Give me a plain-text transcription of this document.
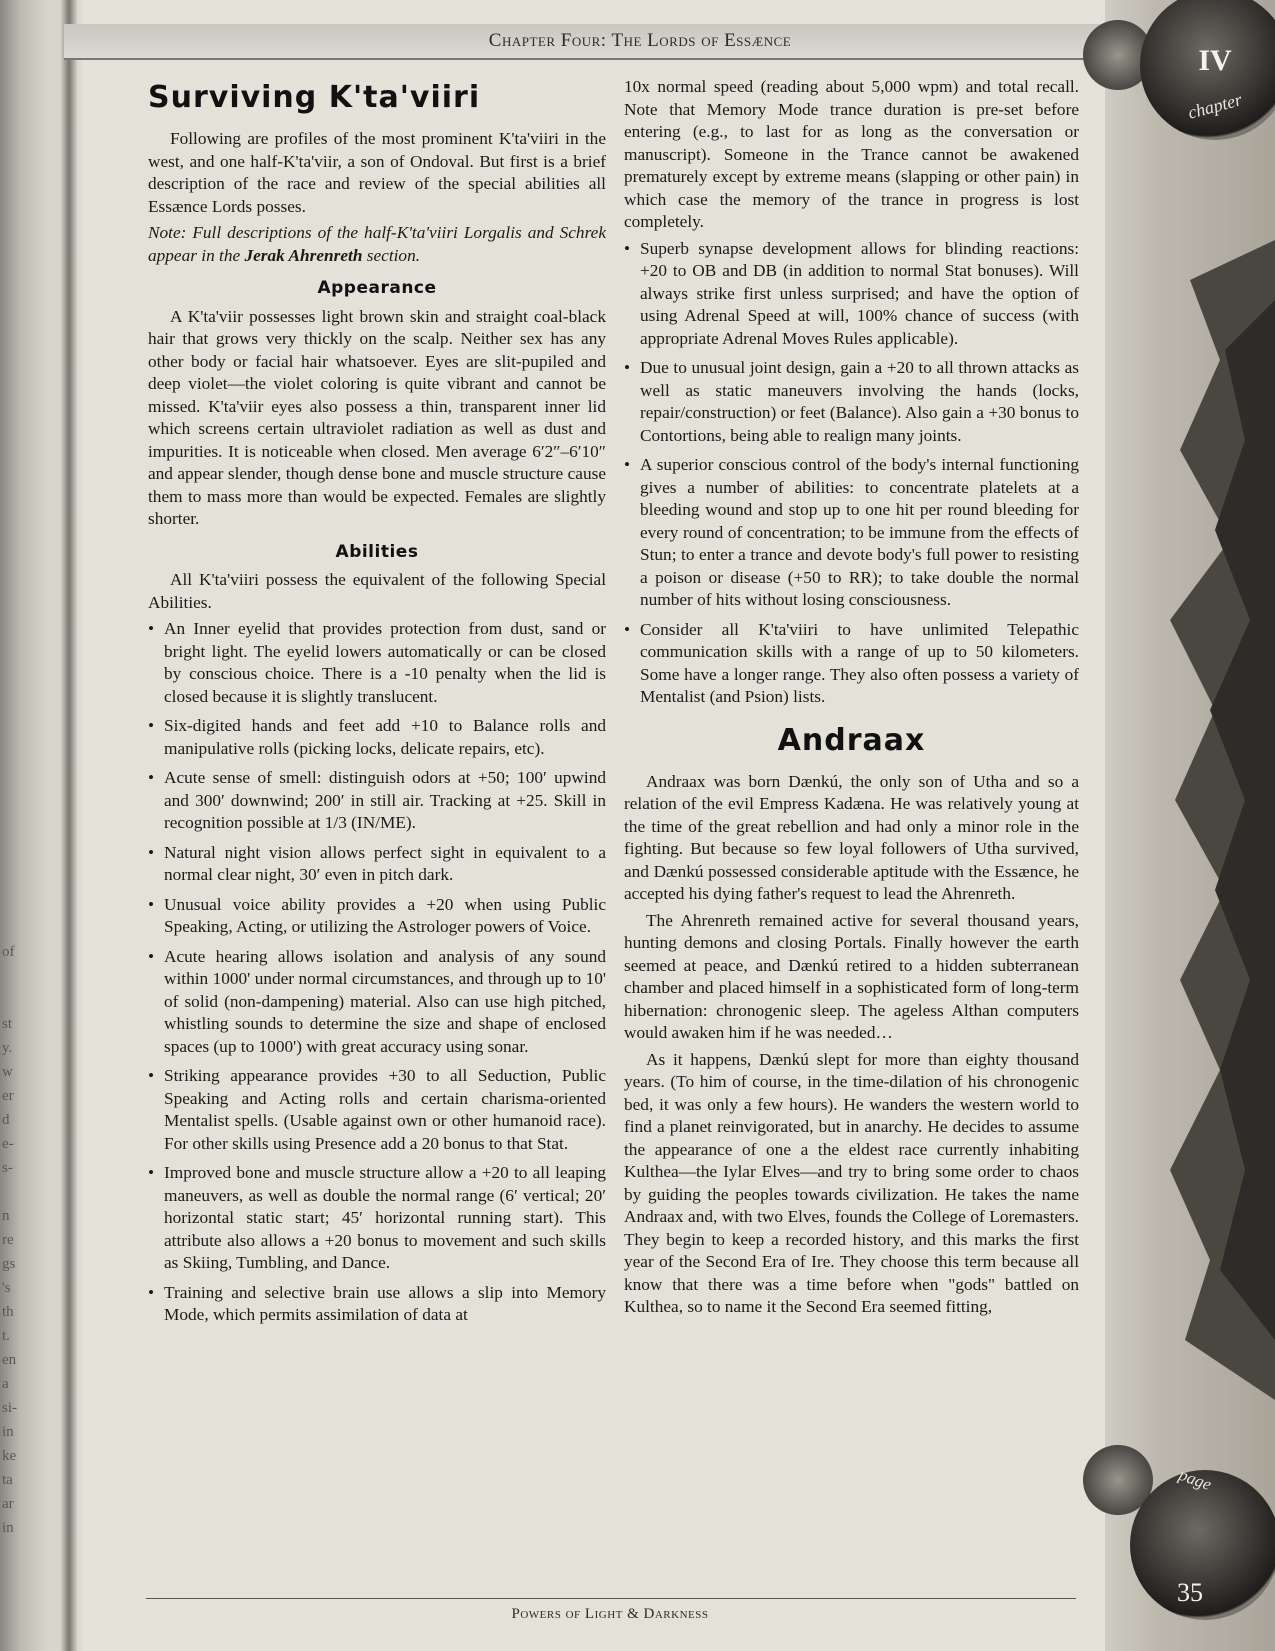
of
st
y.
w
er
d
e-
s-
n
re
gs
's
th
t.
en
a
si-
in
ke
ta
ar
in
Chapter Four: The Lords of Essænce
IV
chapter
page
35
Surviving K'ta'viiri

Following are profiles of the most prominent K'ta'viiri in the west, and one half-K'ta'viir, a son of Ondoval. But first is a brief description of the race and review of the special abilities all Essænce Lords posses.

Note: Full descriptions of the half-K'ta'viiri Lorgalis and Schrek appear in the Jerak Ahrenreth section.

Appearance

A K'ta'viir possesses light brown skin and straight coal-black hair that grows very thickly on the scalp. Neither sex has any other body or facial hair whatsoever. Eyes are slit-pupiled and deep violet—the violet coloring is quite vibrant and cannot be missed. K'ta'viir eyes also possess a thin, transparent inner lid which screens certain ultraviolet radiation as well as dust and impurities. It is noticeable when closed. Men average 6′2″–6′10″ and appear slender, though dense bone and muscle structure cause them to mass more than would be expected. Females are slightly shorter.

Abilities

All K'ta'viiri possess the equivalent of the following Special Abilities.

• An Inner eyelid that provides protection from dust, sand or bright light. The eyelid lowers automatically or can be closed by conscious choice. There is a -10 penalty when the lid is closed because it is slightly translucent.
• Six-digited hands and feet add +10 to Balance rolls and manipulative rolls (picking locks, delicate repairs, etc).
• Acute sense of smell: distinguish odors at +50; 100′ upwind and 300′ downwind; 200′ in still air. Tracking at +25. Skill in recognition possible at 1/3 (IN/ME).
• Natural night vision allows perfect sight in equivalent to a normal clear night, 30′ even in pitch dark.
• Unusual voice ability provides a +20 when using Public Speaking, Acting, or utilizing the Astrologer powers of Voice.
• Acute hearing allows isolation and analysis of any sound within 1000' under normal circumstances, and through up to 10' of solid (non-dampening) material. Also can use high pitched, whistling sounds to determine the size and shape of enclosed spaces (up to 1000') with great accuracy using sonar.
• Striking appearance provides +30 to all Seduction, Public Speaking and Acting rolls and certain charisma-oriented Mentalist spells. (Usable against own or other humanoid race). For other skills using Presence add a 20 bonus to that Stat.
• Improved bone and muscle structure allow a +20 to all leaping maneuvers, as well as double the normal range (6′ vertical; 20′ horizontal static start; 45′ horizontal running start). This attribute also allows a +20 bonus to movement and such skills as Skiing, Tumbling, and Dance.
• Training and selective brain use allows a slip into Memory Mode, which permits assimilation of data at

10x normal speed (reading about 5,000 wpm) and total recall. Note that Memory Mode trance duration is pre-set before entering (e.g., to last for as long as the conversation or manuscript). Someone in the Trance cannot be awakened prematurely except by extreme means (slapping or other pain) in which case the memory of the trance in progress is lost completely.

• Superb synapse development allows for blinding reactions: +20 to OB and DB (in addition to normal Stat bonuses). Will always strike first unless surprised; and have the option of using Adrenal Speed at will, 100% chance of success (with appropriate Adrenal Moves Rules applicable).
• Due to unusual joint design, gain a +20 to all thrown attacks as well as static maneuvers involving the hands (locks, repair/construction) or feet (Balance). Also gain a +30 bonus to Contortions, being able to realign many joints.
• A superior conscious control of the body's internal functioning gives a number of abilities: to concentrate platelets at a bleeding wound and stop up to one hit per round bleeding for every round of concentration; to be immune from the effects of Stun; to enter a trance and devote body's full power to resisting a poison or disease (+50 to RR); to take double the normal number of hits without losing consciousness.
• Consider all K'ta'viiri to have unlimited Telepathic communication skills with a range of up to 50 kilometers. Some have a longer range. They also often possess a variety of Mentalist (and Psion) lists.
Andraax

Andraax was born Dænkú, the only son of Utha and so a relation of the evil Empress Kadæna. He was relatively young at the time of the great rebellion and had only a minor role in the fighting. But because so few loyal followers of Utha survived, and Dænkú possessed considerable aptitude with the Essænce, he accepted his dying father's request to lead the Ahrenreth.

The Ahrenreth remained active for several thousand years, hunting demons and closing Portals. Finally however the earth seemed at peace, and Dænkú retired to a hidden subterranean chamber and placed himself in a sophisticated form of long-term hibernation: chronogenic sleep. The ageless Althan computers would awaken him if he was needed…

As it happens, Dænkú slept for more than eighty thousand years. (To him of course, in the time-dilation of his chronogenic bed, it was only a few hours). He wanders the western world to find a planet reinvigorated, but in anarchy. He decides to assume the appearance of one a the eldest race currently inhabiting Kulthea—the Iylar Elves—and try to bring some order to chaos by guiding the peoples towards civilization. He takes the name Andraax and, with two Elves, founds the College of Loremasters. They begin to keep a recorded history, and this marks the first year of the Second Era of Ire. They choose this term because all know that there was a time before when "gods" battled on Kulthea, so to name it the Second Era seemed fitting,

Powers of Light & Darkness
